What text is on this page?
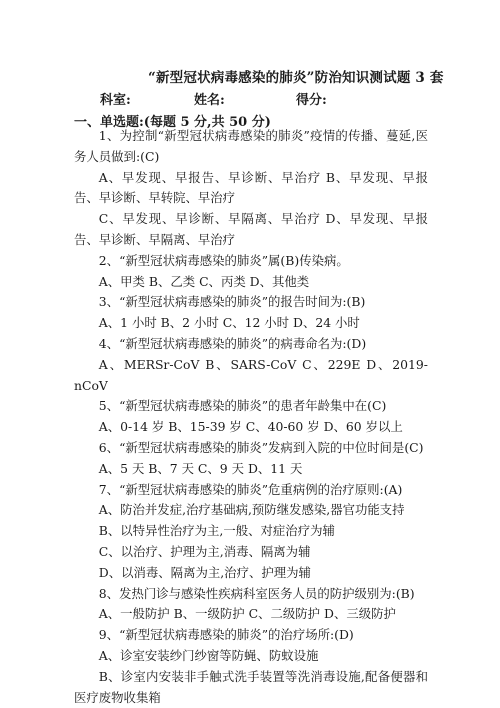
“新型冠状病毒感染的肺炎”防治知识测试题 3 套
科室:	姓名:	得分:
一、单选题:(每题 5 分,共 50 分)

1、为控制“新型冠状病毒感染的肺炎”疫情的传播、蔓延,医务人员做到:(C)

A、早发现、早报告、早诊断、早治疗 B、早发现、早报告、早诊断、早转院、早治疗

C、早发现、早诊断、早隔离、早治疗 D、早发现、早报告、早诊断、早隔离、早治疗

2、“新型冠状病毒感染的肺炎”属(B)传染病。

A、甲类 B、乙类 C、丙类 D、其他类

3、“新型冠状病毒感染的肺炎”的报告时间为:(B)

A、1 小时 B、2 小时 C、12 小时 D、24 小时

4、“新型冠状病毒感染的肺炎”的病毒命名为:(D)

A、MERSr-CoV B、SARS-CoV C、229E D、2019-nCoV

5、“新型冠状病毒感染的肺炎”的患者年龄集中在(C)

A、0-14 岁 B、15-39 岁 C、40-60 岁 D、60 岁以上

6、“新型冠状病毒感染的肺炎”发病到入院的中位时间是(C)

A、5 天 B、7 天 C、9 天 D、11 天

7、“新型冠状病毒感染的肺炎”危重病例的治疗原则:(A)

A、防治并发症,治疗基础病,预防继发感染,器官功能支持

B、以特异性治疗为主,一般、对症治疗为辅

C、以治疗、护理为主,消毒、隔离为辅

D、以消毒、隔离为主,治疗、护理为辅

8、发热门诊与感染性疾病科室医务人员的防护级别为:(B)

A、一般防护 B、一级防护 C、二级防护 D、三级防护

9、“新型冠状病毒感染的肺炎”的治疗场所:(D)

A、诊室安装纱门纱窗等防蝇、防蚊设施

B、诊室内安装非手触式洗手装置等洗消毒设施,配备便器和医疗废物收集箱
